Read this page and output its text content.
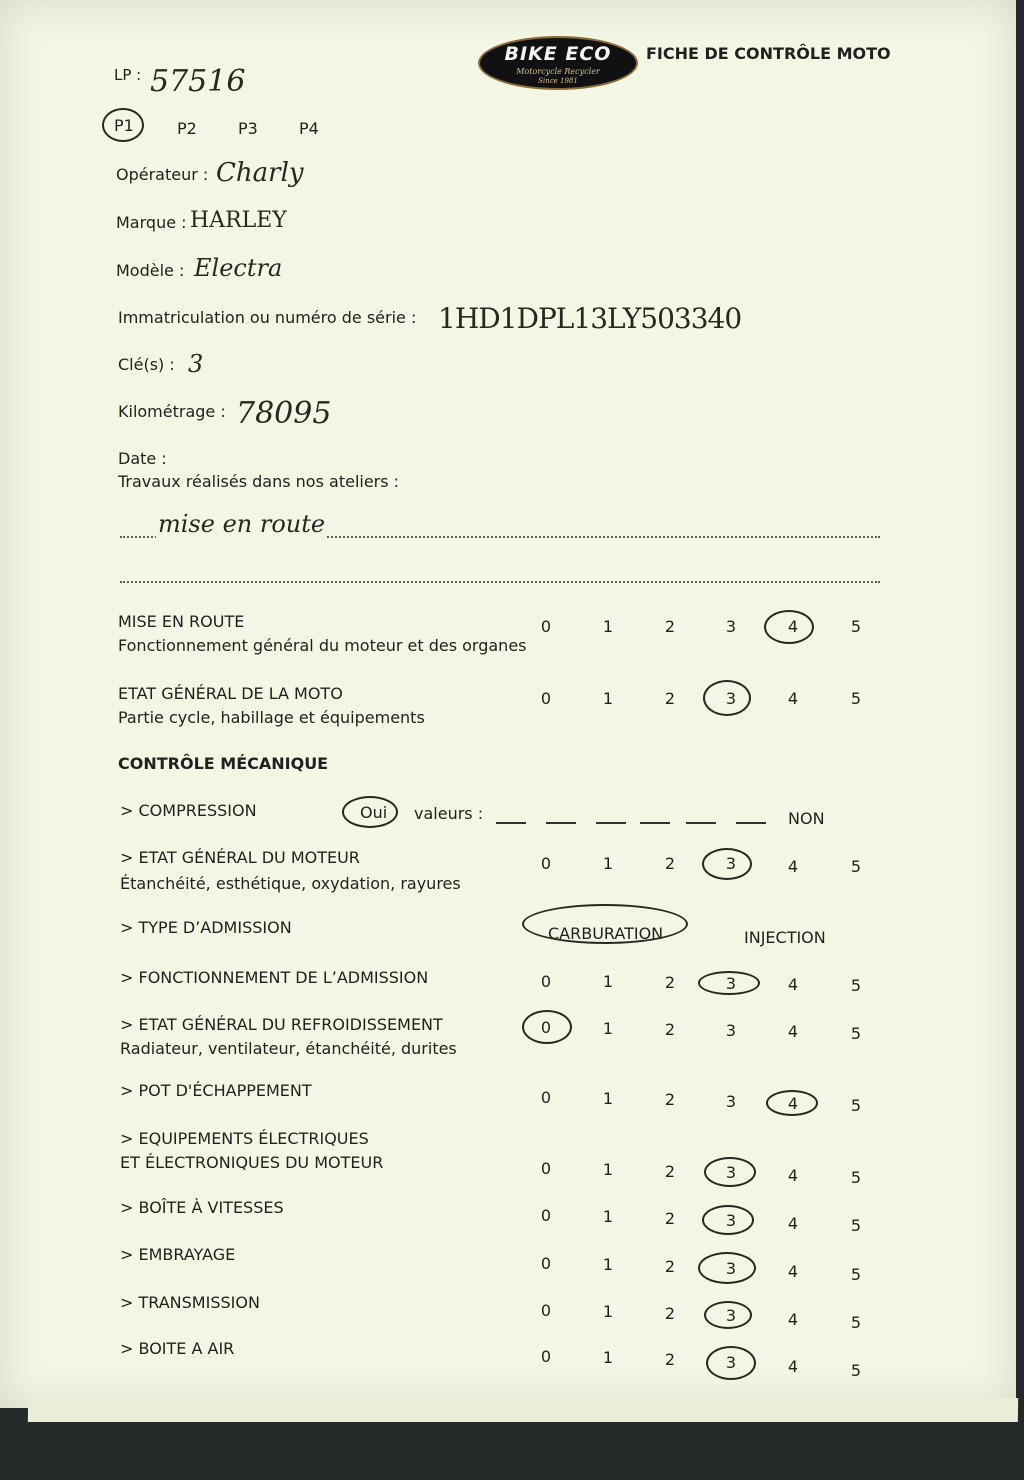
BIKE ECO
Motorcycle Recycler
Since 1981
FICHE DE CONTRÔLE MOTO
LP : 57516
P1	P2	P3	P4
Opérateur : Charly
Marque : HARLEY
Modèle : Electra
Immatriculation ou numéro de série : 1HD1DPL13LY503340
Clé(s) : 3
Kilométrage : 78095
Date :
Travaux réalisés dans nos ateliers :
mise en route
MISE EN ROUTE
Fonctionnement général du moteur et des organes
0	1	2	3	4	5
ETAT GÉNÉRAL DE LA MOTO
Partie cycle, habillage et équipements
0	1	2	3	4	5
CONTRÔLE MÉCANIQUE
> COMPRESSION	Oui valeurs :	NON
> ETAT GÉNÉRAL DU MOTEUR
Étanchéité, esthétique, oxydation, rayures
0	1	2	3	4	5
> TYPE D’ADMISSION	CARBURATION	INJECTION
> FONCTIONNEMENT DE L’ADMISSION	0	1	2	3	4	5
> ETAT GÉNÉRAL DU REFROIDISSEMENT
Radiateur, ventilateur, étanchéité, durites
0	1	2	3	4	5
> POT D'ÉCHAPPEMENT	0	1	2	3	4	5
> EQUIPEMENTS ÉLECTRIQUES
ET ÉLECTRONIQUES DU MOTEUR	0	1	2	3	4	5
> BOÎTE À VITESSES	0	1	2	3	4	5
> EMBRAYAGE	0	1	2	3	4	5
> TRANSMISSION	0	1	2	3	4	5
> BOITE A AIR	0	1	2	3	4	5
